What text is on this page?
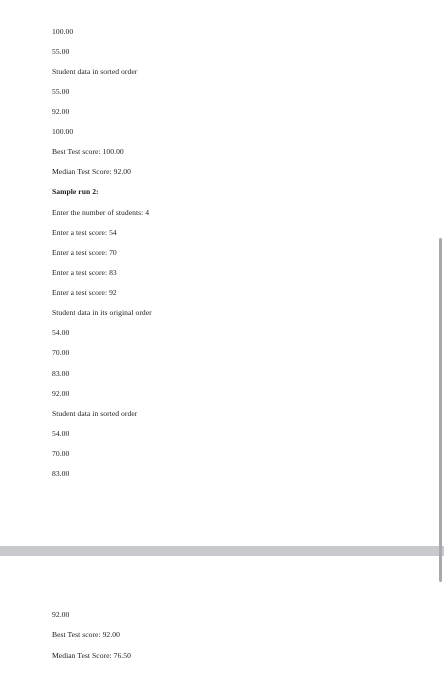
100.00
55.00
Student data in sorted order
55.00
92.00
100.00
Best Test score: 100.00
Median Test Score: 92.00
Sample run 2:
Enter the number of students: 4
Enter a test score: 54
Enter a test score: 70
Enter a test score: 83
Enter a test score: 92
Student data in its original order
54.00
70.00
83.00
92.00
Student data in sorted order
54.00
70.00
83.00
92.00
Best Test score: 92.00
Median Test Score: 76.50
